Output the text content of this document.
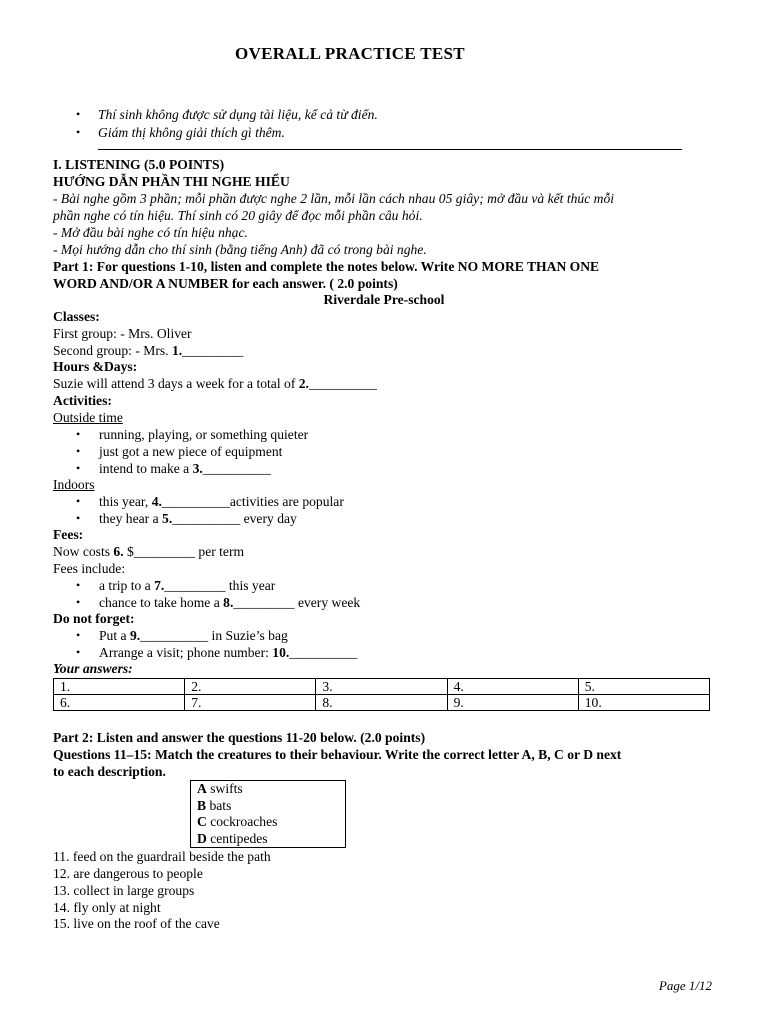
OVERALL PRACTICE TEST
• Thí sinh không được sử dụng tài liệu, kể cả từ điển.
• Giám thị không giải thích gì thêm.
I. LISTENING (5.0 POINTS)
HƯỚNG DẪN PHẦN THI NGHE HIỂU
- Bài nghe gồm 3 phần; mỗi phần được nghe 2 lần, mỗi lần cách nhau 05 giây; mở đầu và kết thúc mỗi
phần nghe có tín hiệu. Thí sinh có 20 giây để đọc mỗi phần câu hỏi.
- Mở đầu bài nghe có tín hiệu nhạc.
- Mọi hướng dẫn cho thí sinh (bằng tiếng Anh) đã có trong bài nghe.
Part 1: For questions 1-10, listen and complete the notes below. Write NO MORE THAN ONE
WORD AND/OR A NUMBER for each answer. ( 2.0 points)
Riverdale Pre-school
Classes:
First group: - Mrs. Oliver
Second group: - Mrs. 1._________
Hours &Days:
Suzie will attend 3 days a week for a total of 2.__________
Activities:
Outside time
• running, playing, or something quieter
• just got a new piece of equipment
• intend to make a 3.__________
Indoors
• this year, 4.__________activities are popular
• they hear a 5.__________ every day
Fees:
Now costs 6. $_________ per term
Fees include:
• a trip to a 7._________ this year
• chance to take home a 8._________ every week
Do not forget:
• Put a 9.__________ in Suzie’s bag
• Arrange a visit; phone number: 10.__________
Your answers:
1.	2.	3.	4.	5.
6.	7.	8.	9.	10.
Part 2: Listen and answer the questions 11-20 below. (2.0 points)
Questions 11–15: Match the creatures to their behaviour. Write the correct letter A, B, C or D next
to each description.
A swifts
B bats
C cockroaches
D centipedes
11. feed on the guardrail beside the path
12. are dangerous to people
13. collect in large groups
14. fly only at night
15. live on the roof of the cave
Page 1/12
